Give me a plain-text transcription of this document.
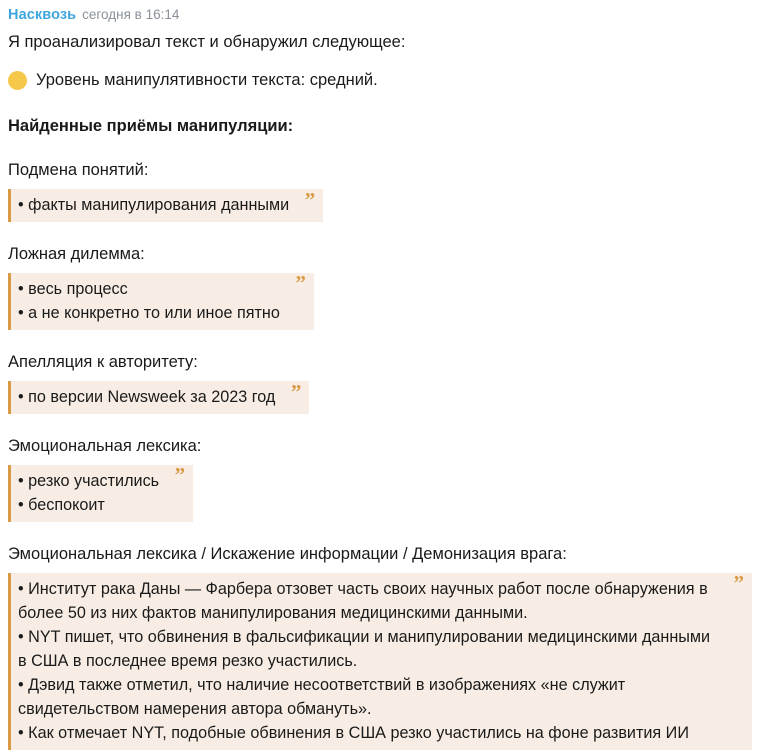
Насквозь сегодня в 16:14
Я проанализировал текст и обнаружил следующее:
Уровень манипулятивности текста: средний.
Найденные приёмы манипуляции:
Подмена понятий:
• факты манипулирования данными ”
Ложная дилемма:
• весь процесс
• а не конкретно то или иное пятно
”
Апелляция к авторитету:
• по версии Newsweek за 2023 год ”
Эмоциональная лексика:
• резко участились
• беспокоит
”
Эмоциональная лексика / Искажение информации / Демонизация врага:
• Институт рака Даны — Фарбера отзовет часть своих научных работ после обнаружения в более 50 из них фактов манипулирования медицинскими данными.
• NYT пишет, что обвинения в фальсификации и манипулировании медицинскими данными в США в последнее время резко участились.
• Дэвид также отметил, что наличие несоответствий в изображениях «не служит свидетельством намерения автора обмануть».
• Как отмечает NYT, подобные обвинения в США резко участились на фоне развития ИИ
”
